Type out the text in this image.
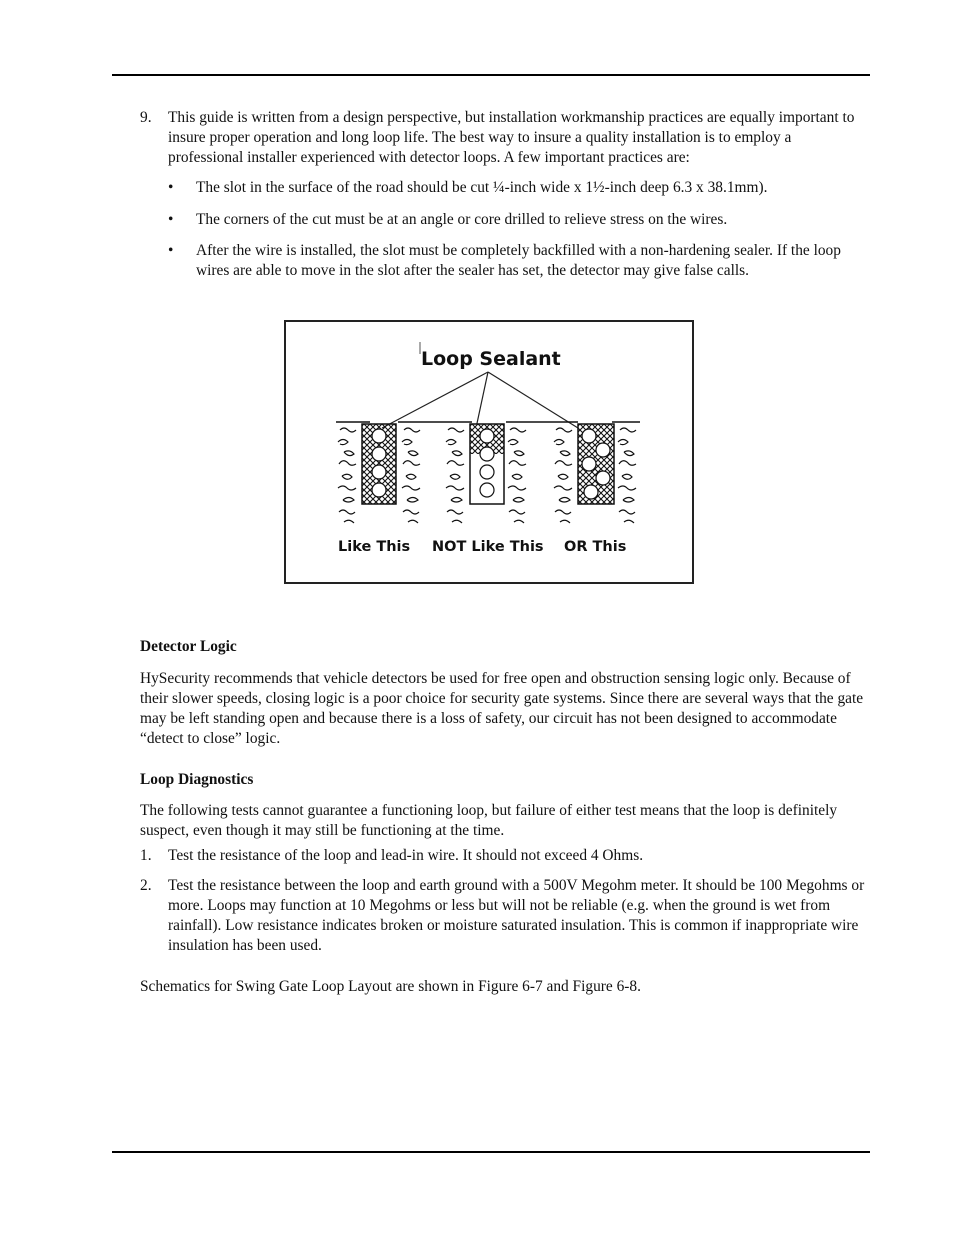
9. This guide is written from a design perspective, but installation workmanship practices are equally important to insure proper operation and long loop life. The best way to insure a quality installation is to employ a professional installer experienced with detector loops. A few important practices are:
• The slot in the surface of the road should be cut ¼-inch wide x 1½-inch deep 6.3 x 38.1mm).
• The corners of the cut must be at an angle or core drilled to relieve stress on the wires.
• After the wire is installed, the slot must be completely backfilled with a non-hardening sealer. If the loop wires are able to move in the slot after the sealer has set, the detector may give false calls.
Loop Sealant
Like This NOT Like This OR This

Detector Logic

HySecurity recommends that vehicle detectors be used for free open and obstruction sensing logic only. Because of their slower speeds, closing logic is a poor choice for security gate systems. Since there are several ways that the gate may be left standing open and because there is a loss of safety, our circuit has not been designed to accommodate “detect to close” logic.

Loop Diagnostics

The following tests cannot guarantee a functioning loop, but failure of either test means that the loop is definitely suspect, even though it may still be functioning at the time.

1. Test the resistance of the loop and lead-in wire. It should not exceed 4 Ohms.
2. Test the resistance between the loop and earth ground with a 500V Megohm meter. It should be 100 Megohms or more. Loops may function at 10 Megohms or less but will not be reliable (e.g. when the ground is wet from rainfall). Low resistance indicates broken or moisture saturated insulation. This is common if inappropriate wire insulation has been used.

Schematics for Swing Gate Loop Layout are shown in Figure 6-7 and Figure 6-8.
